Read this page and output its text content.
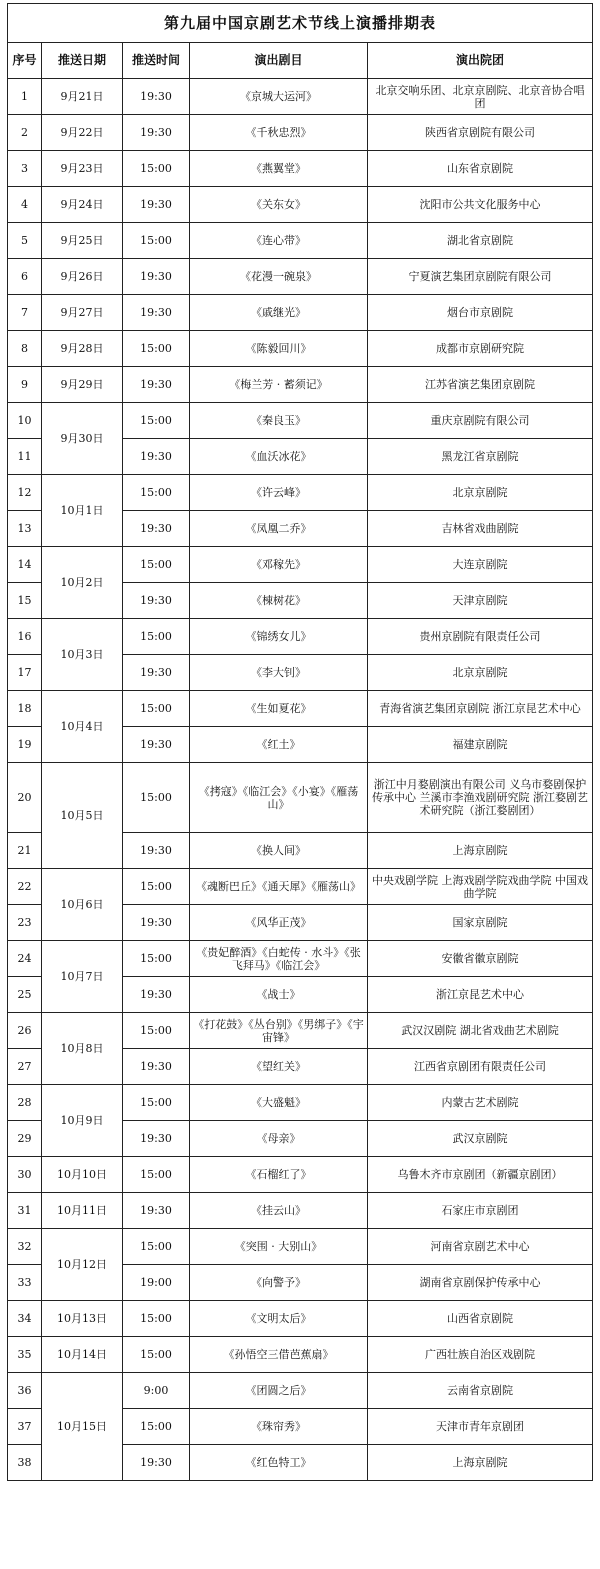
第九届中国京剧艺术节线上演播排期表				
序号	推送日期	推送时间	演出剧目	演出院团
1	9月21日	19:30	《京城大运河》	北京交响乐团、北京京剧院、北京音协合唱团
2	9月22日	19:30	《千秋忠烈》	陕西省京剧院有限公司
3	9月23日	15:00	《燕翼堂》	山东省京剧院
4	9月24日	19:30	《关东女》	沈阳市公共文化服务中心
5	9月25日	15:00	《连心带》	湖北省京剧院
6	9月26日	19:30	《花漫一碗泉》	宁夏演艺集团京剧院有限公司
7	9月27日	19:30	《戚继光》	烟台市京剧院
8	9月28日	15:00	《陈毅回川》	成都市京剧研究院
9	9月29日	19:30	《梅兰芳 · 蓄须记》	江苏省演艺集团京剧院
10	9月30日	15:00	《秦良玉》	重庆京剧院有限公司
11		19:30	《血沃冰花》	黑龙江省京剧院
12	10月1日	15:00	《许云峰》	北京京剧院
13		19:30	《凤凰二乔》	吉林省戏曲剧院
14	10月2日	15:00	《邓稼先》	大连京剧院
15		19:30	《棟树花》	天津京剧院
16	10月3日	15:00	《锦绣女儿》	贵州京剧院有限责任公司
17		19:30	《李大钊》	北京京剧院
18	10月4日	15:00	《生如夏花》	青海省演艺集团京剧院 浙江京昆艺术中心
19		19:30	《红土》	福建京剧院
20	10月5日	15:00	《拷寇》《临江会》《小宴》《雁荡山》	浙江中月婺剧演出有限公司 义乌市婺剧保护传承中心 兰溪市李渔戏剧研究院 浙江婺剧艺术研究院（浙江婺剧团）
21		19:30	《换人间》	上海京剧院
22	10月6日	15:00	《魂断巴丘》《通天犀》《雁荡山》	中央戏剧学院 上海戏剧学院戏曲学院 中国戏曲学院
23		19:30	《风华正茂》	国家京剧院
24	10月7日	15:00	《贵妃醉酒》《白蛇传 · 水斗》《张飞拜马》《临江会》	安徽省徽京剧院
25		19:30	《战士》	浙江京昆艺术中心
26	10月8日	15:00	《打花鼓》《丛台别》《男绑子》《宇宙锋》	武汉汉剧院 湖北省戏曲艺术剧院
27		19:30	《望红关》	江西省京剧团有限责任公司
28	10月9日	15:00	《大盛魁》	内蒙古艺术剧院
29		19:30	《母亲》	武汉京剧院
30	10月10日	15:00	《石榴红了》	乌鲁木齐市京剧团（新疆京剧团）
31	10月11日	19:30	《挂云山》	石家庄市京剧团
32	10月12日	15:00	《突围 · 大别山》	河南省京剧艺术中心
33		19:00	《向警予》	湖南省京剧保护传承中心
34	10月13日	15:00	《文明太后》	山西省京剧院
35	10月14日	15:00	《孙悟空三借芭蕉扇》	广西壮族自治区戏剧院
36	10月15日	9:00	《团圆之后》	云南省京剧院
37		15:00	《珠帘秀》	天津市青年京剧团
38		19:30	《红色特工》	上海京剧院
